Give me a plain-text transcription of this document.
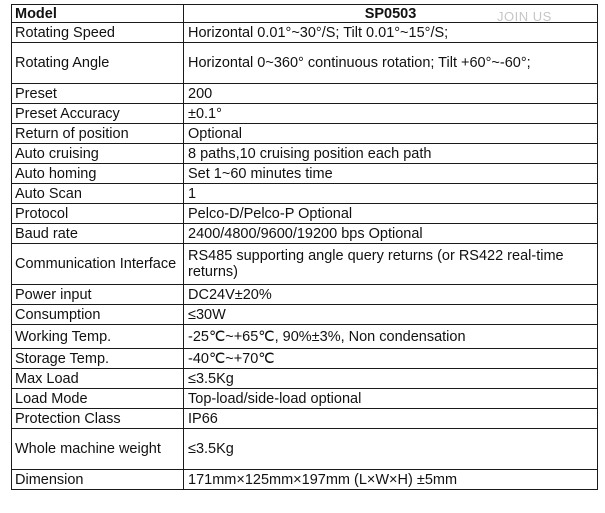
Model	SP0503
Rotating Speed	Horizontal 0.01°~30°/S; Tilt 0.01°~15°/S;
Rotating Angle	Horizontal 0~360° continuous rotation; Tilt +60°~-60°;
Preset	200
Preset Accuracy	±0.1°
Return of position	Optional
Auto cruising	8 paths,10 cruising position each path
Auto homing	Set 1~60 minutes time
Auto Scan	1
Protocol	Pelco-D/Pelco-P Optional
Baud rate	2400/4800/9600/19200 bps Optional
Communication Interface	RS485 supporting angle query returns (or RS422 real-time returns)
Power input	DC24V±20%
Consumption	≤30W
Working Temp.	-25℃~+65℃, 90%±3%, Non condensation
Storage Temp.	-40℃~+70℃
Max Load	≤3.5Kg
Load Mode	Top-load/side-load optional
Protection Class	IP66
Whole machine weight	≤3.5Kg
Dimension	171mm×125mm×197mm (L×W×H) ±5mm
JOIN US
